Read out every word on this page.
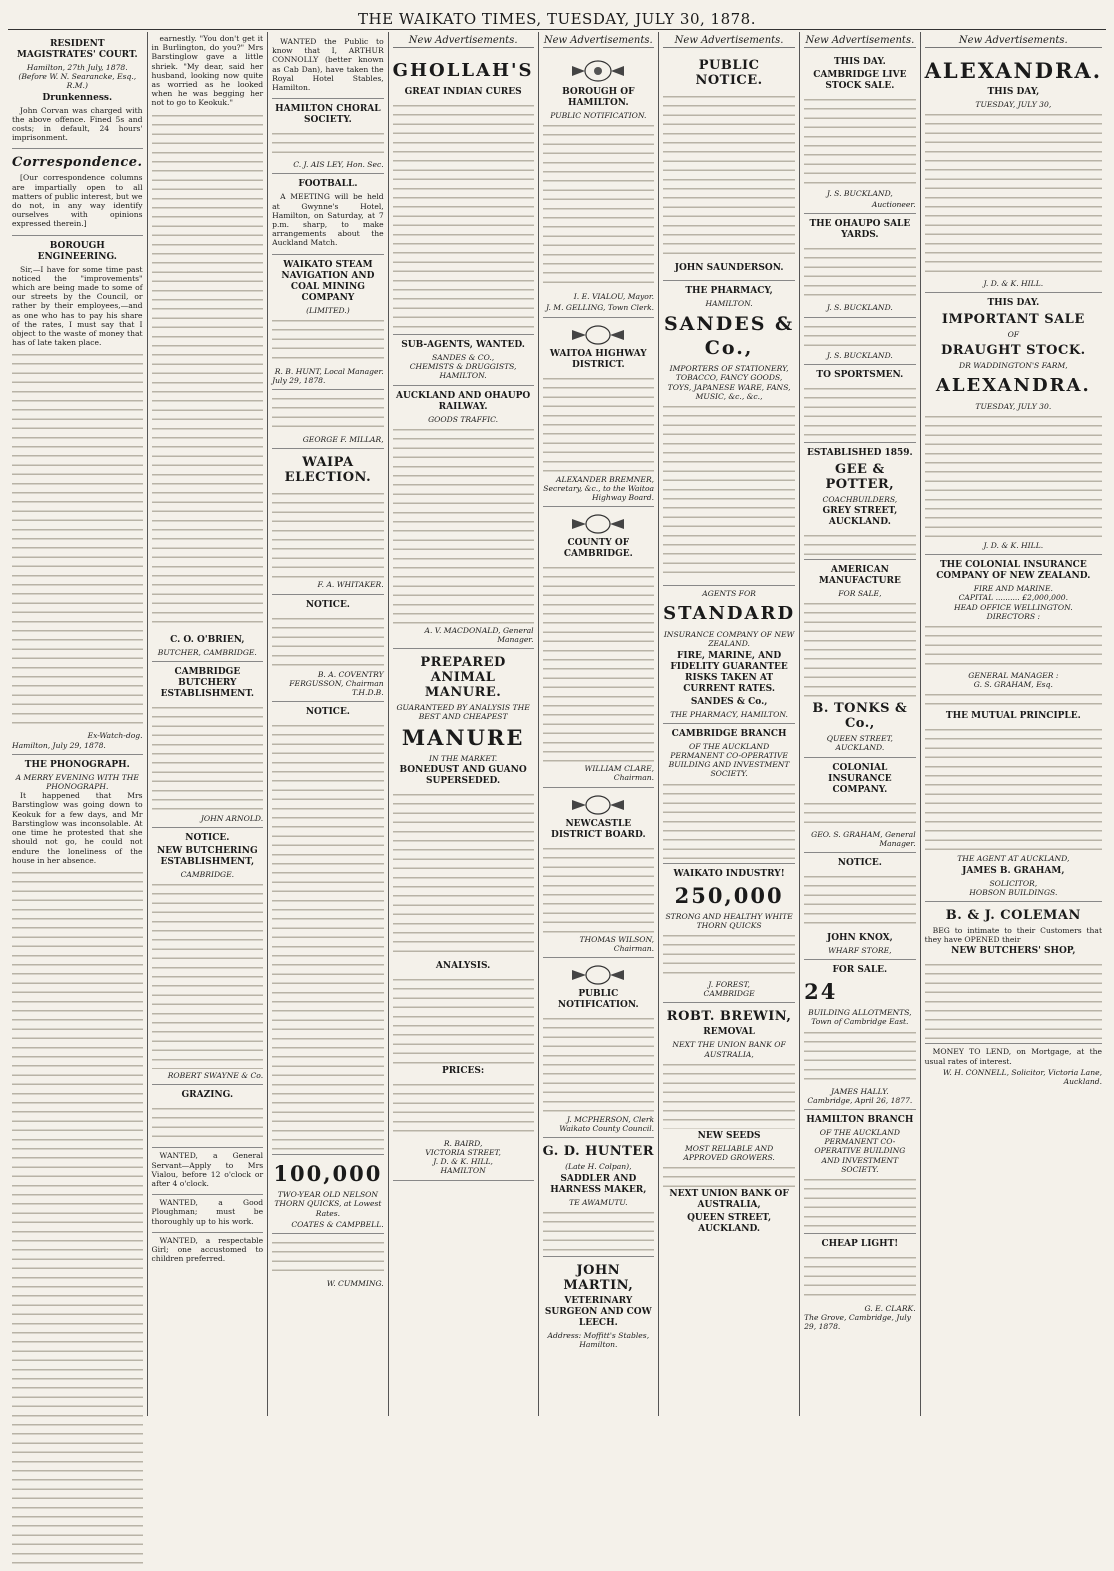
THE WAIKATO TIMES, TUESDAY, JULY 30, 1878.
RESIDENT MAGISTRATES' COURT.
Hamilton, 27th July, 1878.
(Before W. N. Searancke, Esq., R.M.)
Drunkenness.

John Corvan was charged with the above offence. Fined 5s and costs; in default, 24 hours' imprisonment.

Correspondence.

[Our correspondence columns are impartially open to all matters of public interest, but we do not, in any way identify ourselves with opinions expressed therein.]

BOROUGH ENGINEERING.

Sir,—I have for some time past noticed the "improvements" which are being made to some of our streets by the Council, or rather by their employees,—and as one who has to pay his share of the rates, I must say that I object to the waste of money that has of late taken place.

Ex-Watch-dog.
Hamilton, July 29, 1878.
THE PHONOGRAPH.
A MERRY EVENING WITH THE PHONOGRAPH.

It happened that Mrs Barstinglow was going down to Keokuk for a few days, and Mr Barstinglow was inconsolable. At one time he protested that she should not go, he could not endure the loneliness of the house in her absence.

earnestly. "You don't get it in Burlington, do you?" Mrs Barstinglow gave a little shriek. "My dear, said her husband, looking now quite as worried as he looked when he was begging her not to go to Keokuk."

C. O. O'BRIEN,
BUTCHER, CAMBRIDGE.
CAMBRIDGE BUTCHERY ESTABLISHMENT.
JOHN ARNOLD.
NOTICE.
NEW BUTCHERING ESTABLISHMENT,
CAMBRIDGE.
ROBERT SWAYNE & Co.
GRAZING.

WANTED, a General Servant—Apply to Mrs Vialou, before 12 o'clock or after 4 o'clock.

WANTED, a Good Ploughman; must be thoroughly up to his work.

WANTED, a respectable Girl; one accustomed to children preferred.

WANTED the Public to know that I, ARTHUR CONNOLLY (better known as Cab Dan), have taken the Royal Hotel Stables, Hamilton.

HAMILTON CHORAL SOCIETY.
C. J. AIS LEY, Hon. Sec.
FOOTBALL.

A MEETING will be held at Gwynne's Hotel, Hamilton, on Saturday, at 7 p.m. sharp, to make arrangements about the Auckland Match.

WAIKATO STEAM NAVIGATION AND COAL MINING COMPANY
(LIMITED.)
R. B. HUNT, Local Manager.
July 29, 1878.
GEORGE F. MILLAR,
WAIPA ELECTION.
F. A. WHITAKER.
NOTICE.
B. A. COVENTRY FERGUSSON, Chairman T.H.D.B.
NOTICE.
100,000
TWO-YEAR OLD NELSON THORN QUICKS, at Lowest Rates.
COATES & CAMPBELL.
W. CUMMING.
New Advertisements.
GHOLLAH'S
GREAT INDIAN CURES
SUB-AGENTS, WANTED.
SANDES & CO.,
CHEMISTS & DRUGGISTS,
HAMILTON.
AUCKLAND AND OHAUPO RAILWAY.
GOODS TRAFFIC.
A. V. MACDONALD, General Manager.
PREPARED ANIMAL MANURE.
GUARANTEED BY ANALYSIS THE BEST AND CHEAPEST
MANURE
IN THE MARKET.
BONEDUST AND GUANO SUPERSEDED.
ANALYSIS.
PRICES:
R. BAIRD,
VICTORIA STREET,
J. D. & K. HILL,
HAMILTON
New Advertisements.
BOROUGH OF HAMILTON.
PUBLIC NOTIFICATION.
I. E. VIALOU, Mayor.
J. M. GELLING, Town Clerk.
WAITOA HIGHWAY DISTRICT.
ALEXANDER BREMNER, Secretary, &c., to the Waitoa Highway Board.
COUNTY OF CAMBRIDGE.
WILLIAM CLARE, Chairman.
NEWCASTLE DISTRICT BOARD.
THOMAS WILSON, Chairman.
PUBLIC NOTIFICATION.
J. MCPHERSON, Clerk Waikato County Council.
G. D. HUNTER
(Late H. Colpan),
SADDLER AND HARNESS MAKER,
TE AWAMUTU.
JOHN MARTIN,
VETERINARY SURGEON AND COW LEECH.
Address: Moffitt's Stables, Hamilton.
New Advertisements.
PUBLIC NOTICE.
JOHN SAUNDERSON.
THE PHARMACY,
HAMILTON.
SANDES & Co.,
IMPORTERS OF STATIONERY, TOBACCO, FANCY GOODS, TOYS, JAPANESE WARE, FANS, MUSIC, &c., &c.,
AGENTS FOR
STANDARD
INSURANCE COMPANY OF NEW ZEALAND.
FIRE, MARINE, AND FIDELITY GUARANTEE RISKS TAKEN AT CURRENT RATES.
SANDES & Co.,
THE PHARMACY, HAMILTON.
CAMBRIDGE BRANCH
OF THE AUCKLAND PERMANENT CO-OPERATIVE BUILDING AND INVESTMENT SOCIETY.
WAIKATO INDUSTRY!
250,000
STRONG AND HEALTHY WHITE THORN QUICKS
J. FOREST,
CAMBRIDGE
ROBT. BREWIN,
REMOVAL
NEXT THE UNION BANK OF AUSTRALIA,
NEW SEEDS
MOST RELIABLE AND APPROVED GROWERS.
NEXT UNION BANK OF AUSTRALIA,
QUEEN STREET, AUCKLAND.
New Advertisements.
THIS DAY.
CAMBRIDGE LIVE STOCK SALE.
J. S. BUCKLAND,
Auctioneer.
THE OHAUPO SALE YARDS.
J. S. BUCKLAND.
J. S. BUCKLAND.
TO SPORTSMEN.
ESTABLISHED 1859.
GEE & POTTER,
COACHBUILDERS,
GREY STREET, AUCKLAND.
AMERICAN MANUFACTURE
FOR SALE,
B. TONKS & Co.,
QUEEN STREET, AUCKLAND.
COLONIAL INSURANCE COMPANY.
GEO. S. GRAHAM, General Manager.
NOTICE.
JOHN KNOX,
WHARF STORE,
FOR SALE.
24
BUILDING ALLOTMENTS, Town of Cambridge East.
JAMES HALLY.
Cambridge, April 26, 1877.
HAMILTON BRANCH
OF THE AUCKLAND PERMANENT CO-OPERATIVE BUILDING AND INVESTMENT SOCIETY.
CHEAP LIGHT!
G. E. CLARK.
The Grove, Cambridge, July 29, 1878.
New Advertisements.
ALEXANDRA.
THIS DAY,
TUESDAY, JULY 30,
J. D. & K. HILL.
THIS DAY.
IMPORTANT SALE
OF
DRAUGHT STOCK.
DR WADDINGTON'S FARM,
ALEXANDRA.
TUESDAY, JULY 30.
J. D. & K. HILL.
THE COLONIAL INSURANCE COMPANY OF NEW ZEALAND.
FIRE AND MARINE.
CAPITAL .......... £2,000,000.
HEAD OFFICE WELLINGTON.
DIRECTORS :
GENERAL MANAGER :
G. S. GRAHAM, Esq.
THE MUTUAL PRINCIPLE.
THE AGENT AT AUCKLAND,
JAMES B. GRAHAM,
SOLICITOR,
HOBSON BUILDINGS.
B. & J. COLEMAN

BEG to intimate to their Customers that they have OPENED their

NEW BUTCHERS' SHOP,

MONEY TO LEND, on Mortgage, at the usual rates of interest.

W. H. CONNELL, Solicitor, Victoria Lane, Auckland.
